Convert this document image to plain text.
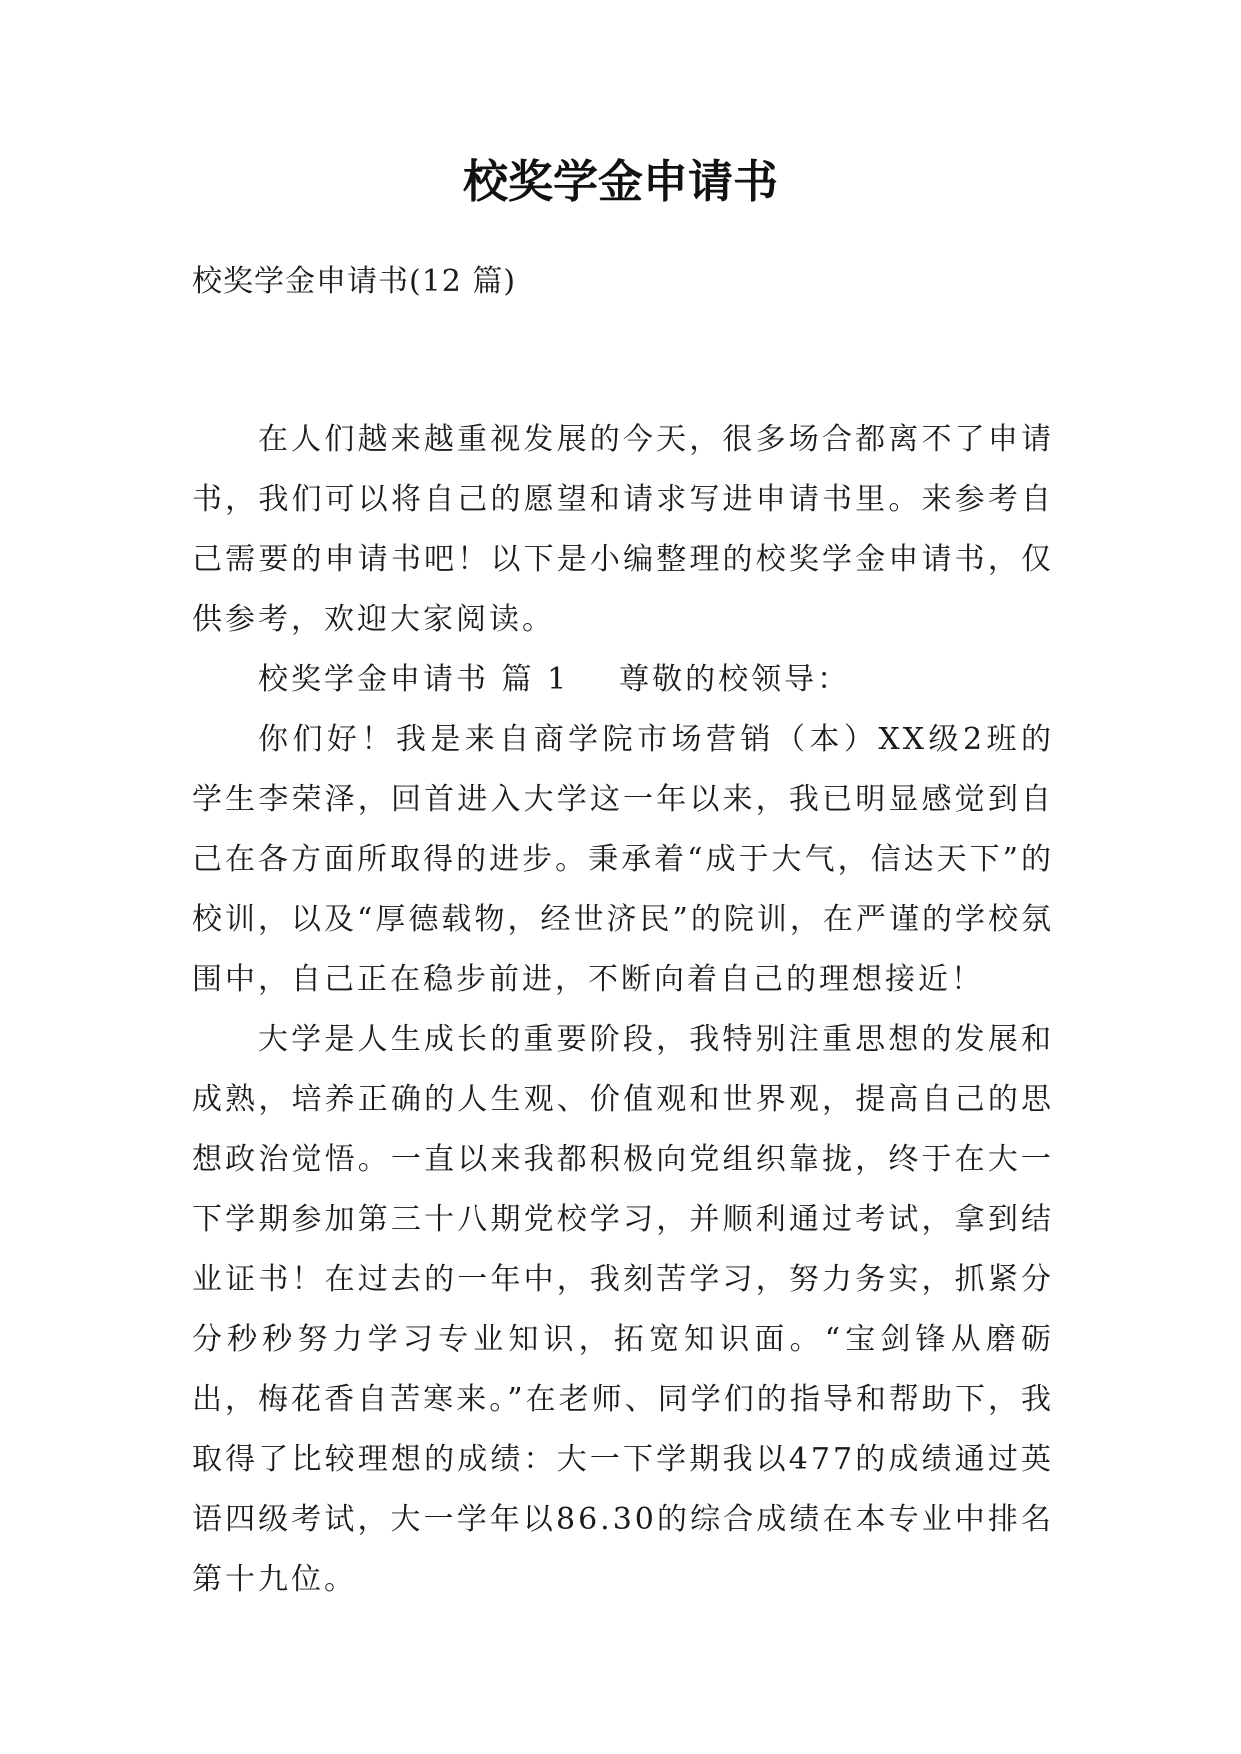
校奖学金申请书
校奖学金申请书(12 篇)

在人们越来越重视发展的今天，很多场合都离不了申请书，我们可以将自己的愿望和请求写进申请书里。来参考自己需要的申请书吧！以下是小编整理的校奖学金申请书，仅供参考，欢迎大家阅读。

校奖学金申请书 篇 1 尊敬的校领导：

你们好！我是来自商学院市场营销（本）XX级2班的学生李荣泽，回首进入大学这一年以来，我已明显感觉到自己在各方面所取得的进步。秉承着“成于大气，信达天下”的校训，以及“厚德载物，经世济民”的院训，在严谨的学校氛围中，自己正在稳步前进，不断向着自己的理想接近！

大学是人生成长的重要阶段，我特别注重思想的发展和成熟，培养正确的人生观、价值观和世界观，提高自己的思想政治觉悟。一直以来我都积极向党组织靠拢，终于在大一下学期参加第三十八期党校学习，并顺利通过考试，拿到结业证书！在过去的一年中，我刻苦学习，努力务实，抓紧分分秒秒努力学习专业知识，拓宽知识面。“宝剑锋从磨砺出，梅花香自苦寒来。”在老师、同学们的指导和帮助下，我取得了比较理想的成绩：大一下学期我以477的成绩通过英语四级考试，大一学年以86.30的综合成绩在本专业中排名第十九位。
